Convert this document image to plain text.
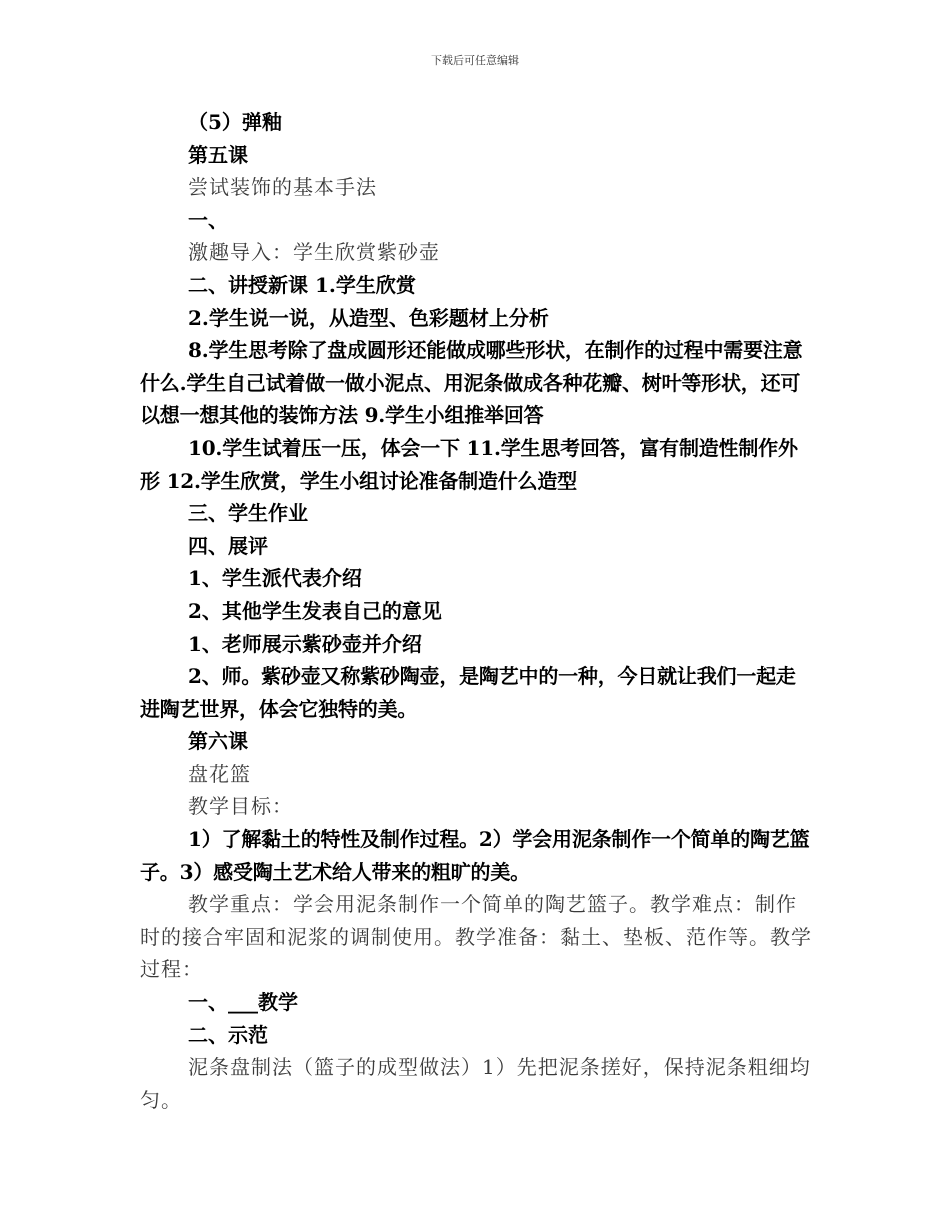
下载后可任意编辑

（5）弹釉

第五课

尝试装饰的基本手法

一、

激趣导入：学生欣赏紫砂壶

二、讲授新课 1.学生欣赏

2.学生说一说，从造型、色彩题材上分析

8.学生思考除了盘成圆形还能做成哪些形状，在制作的过程中需要注意什么.学生自己试着做一做小泥点、用泥条做成各种花瓣、树叶等形状，还可以想一想其他的装饰方法 9.学生小组推举回答

10.学生试着压一压，体会一下 11.学生思考回答，富有制造性制作外形 12.学生欣赏，学生小组讨论准备制造什么造型

三、学生作业

四、展评

1、学生派代表介绍

2、其他学生发表自己的意见

1、老师展示紫砂壶并介绍

2、师。紫砂壶又称紫砂陶壶，是陶艺中的一种，今日就让我们一起走进陶艺世界，体会它独特的美。

第六课

盘花篮

教学目标：

1）了解黏土的特性及制作过程。2）学会用泥条制作一个简单的陶艺篮子。3）感受陶土艺术给人带来的粗旷的美。

教学重点：学会用泥条制作一个简单的陶艺篮子。教学难点：制作时的接合牢固和泥浆的调制使用。教学准备：黏土、垫板、范作等。教学过程：

一、___教学

二、示范

泥条盘制法（篮子的成型做法）1）先把泥条搓好，保持泥条粗细均匀。
